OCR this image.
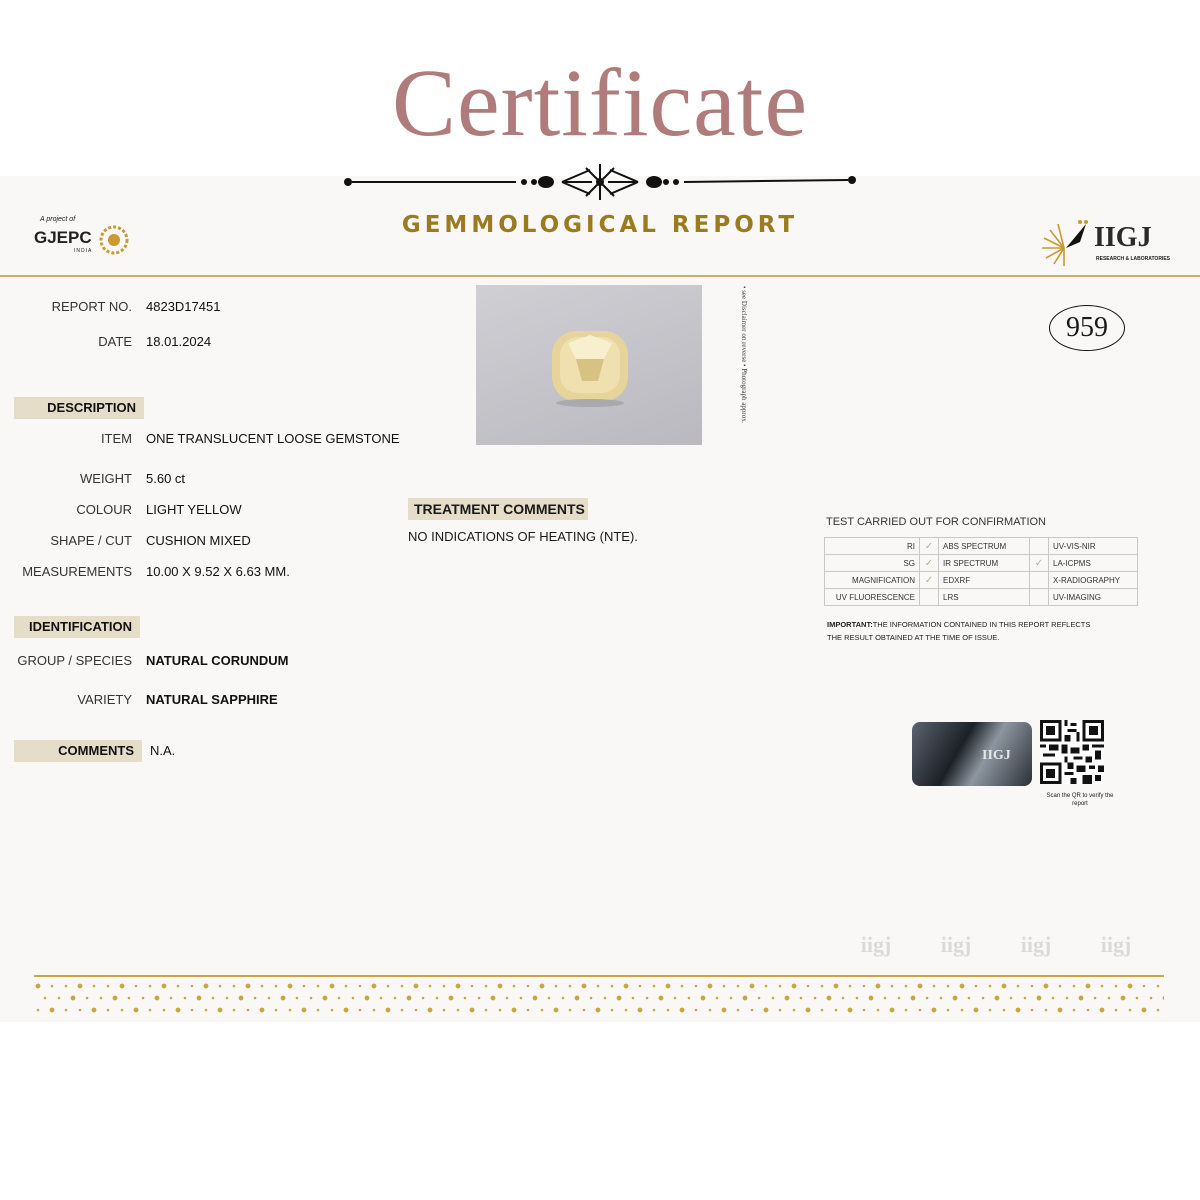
Certificate
GEMMOLOGICAL REPORT
A project of
GJEPC
INDIA	IIGJ
RESEARCH & LABORATORIES
REPORT NO. 4823D17451
DATE 18.01.2024
DESCRIPTION
ITEM ONE TRANSLUCENT LOOSE GEMSTONE
WEIGHT 5.60 ct
COLOUR LIGHT YELLOW
SHAPE / CUT CUSHION MIXED
MEASUREMENTS 10.00 X 9.52 X 6.63 MM.
IDENTIFICATION
GROUP / SPECIES NATURAL CORUNDUM
VARIETY NATURAL SAPPHIRE
COMMENTS	N.A.
• see Disclaimer on reverse • Photograph approx.	959
TREATMENT COMMENTS
NO INDICATIONS OF HEATING (NTE).
TEST CARRIED OUT FOR CONFIRMATION
RI	✓	ABS SPECTRUM		UV-VIS-NIR
SG	✓	IR SPECTRUM	✓	LA-ICPMS
MAGNIFICATION	✓	EDXRF		X-RADIOGRAPHY
UV FLUORESCENCE		LRS		UV-IMAGING
IMPORTANT:THE INFORMATION CONTAINED IN THIS REPORT REFLECTS THE RESULT OBTAINED AT THE TIME OF ISSUE.
IIGJ
Scan the QR to verify the report
iigj iigj iigj iigj
